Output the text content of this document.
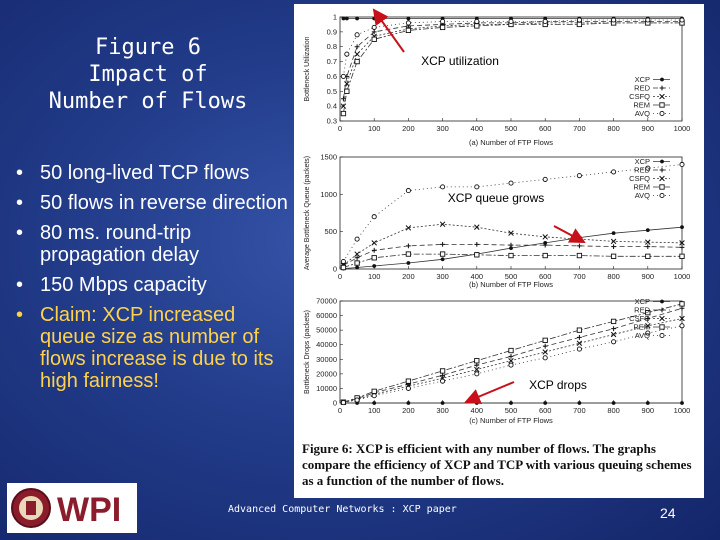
Figure 6
Impact of
Number of Flows
• 50 long-lived TCP flows
• 50 flows in reverse direction
• 80 ms. round-trip propagation delay
• 150 Mbps capacity
• Claim: XCP increased queue size as number of flows increase is due to its high fairness!
0	100	200	300	400	500	600	700	800	900	1000
0.3
0.4
0.5
0.6
0.7
0.8
0.9
1
(a) Number of FTP Flows
Bottleneck Utilization	XCP
RED
CSFQ
REM
AVQ
0	100	200	300	400	500	600	700	800	900	1000
0
500
1000
1500
(b) Number of FTP Flows
Average Bottleneck Queue (packets)	XCP
RED
CSFQ
REM
AVQ
0	100	200	300	400	500	600	700	800	900	1000
0
10000
20000
30000
40000
50000
60000
70000
(c) Number of FTP Flows
Bottleneck Drops (packets)
XCP
RED
CSFQ
REM
AVQ
XCP utilization
XCP queue grows
XCP drops
Figure 6: XCP is efficient with any number of flows. The graphs compare the efficiency of XCP and TCP with various queuing schemes as a function of the number of flows.
WPI	Advanced Computer Networks : XCP paper	24
